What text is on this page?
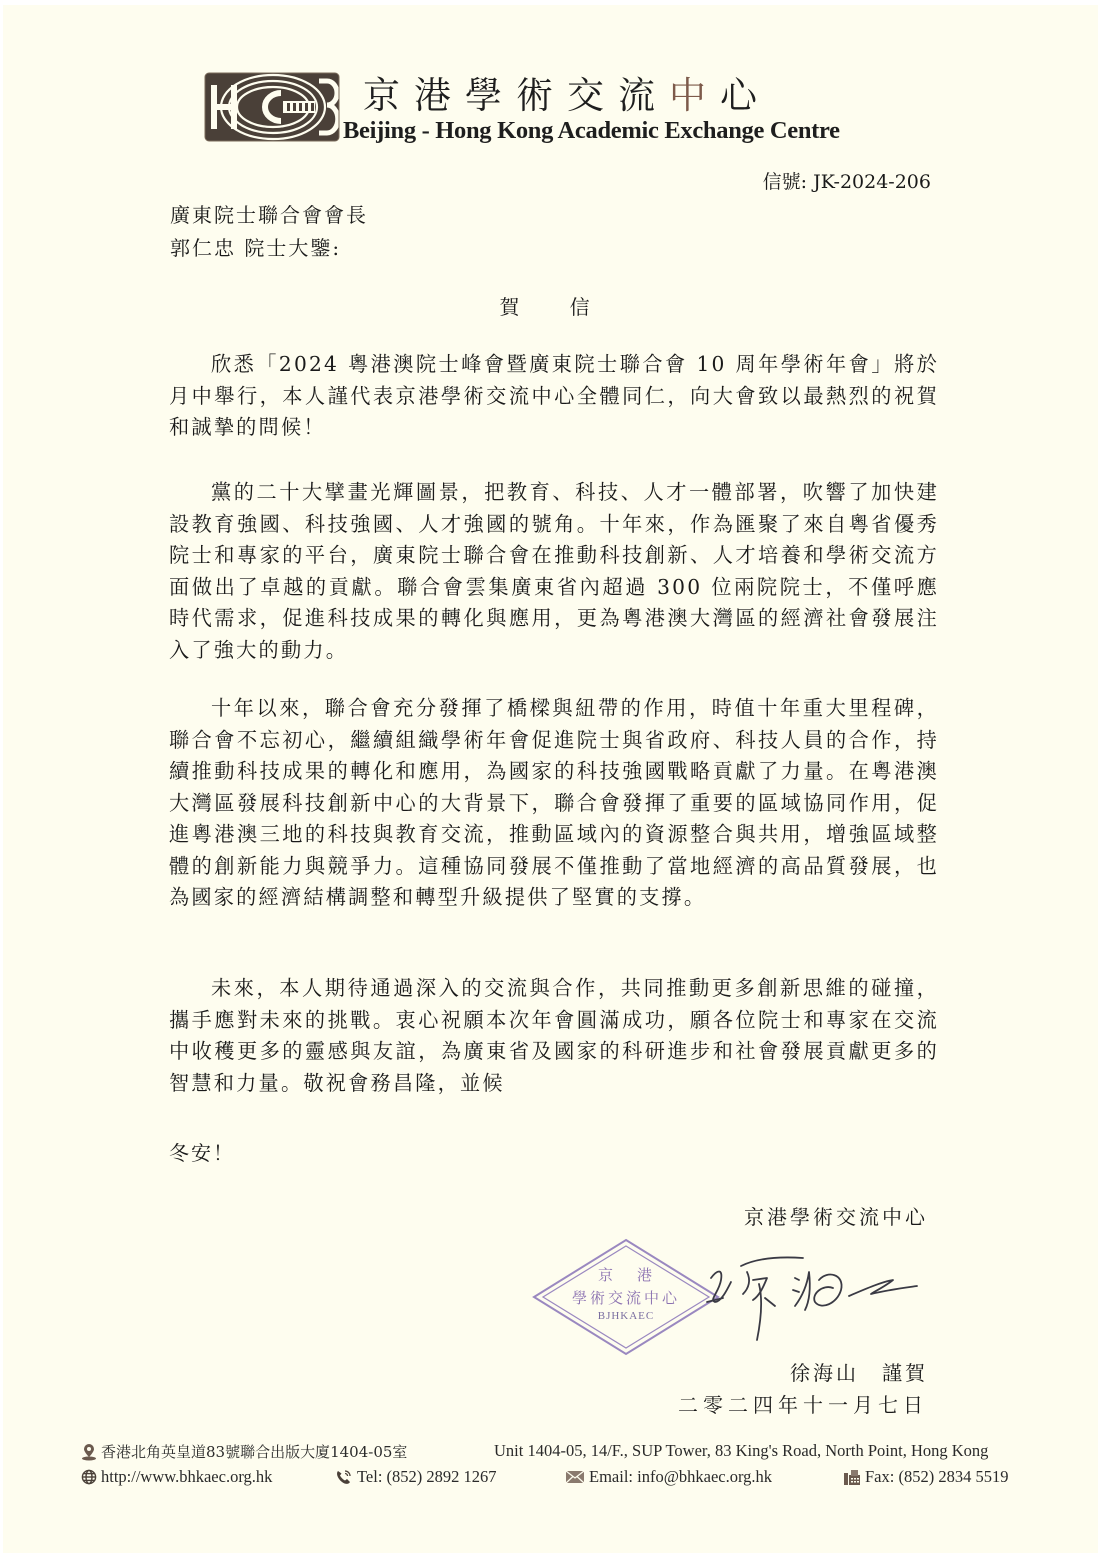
京港學術交流中心
Beijing - Hong Kong Academic Exchange Centre
信號: JK-2024-206
廣東院士聯合會會長
郭仁忠 院士大鑒:
賀 信

欣悉「2024 粵港澳院士峰會暨廣東院士聯合會 10 周年學術年會」將於月中舉行，本人謹代表京港學術交流中心全體同仁，向大會致以最熱烈的祝賀和誠摯的問候！

黨的二十大擘畫光輝圖景，把教育、科技、人才一體部署，吹響了加快建設教育強國、科技強國、人才強國的號角。十年來，作為匯聚了來自粵省優秀院士和專家的平台，廣東院士聯合會在推動科技創新、人才培養和學術交流方面做出了卓越的貢獻。聯合會雲集廣東省內超過 300 位兩院院士，不僅呼應時代需求，促進科技成果的轉化與應用，更為粵港澳大灣區的經濟社會發展注入了強大的動力。

十年以來，聯合會充分發揮了橋樑與紐帶的作用，時值十年重大里程碑，聯合會不忘初心，繼續組織學術年會促進院士與省政府、科技人員的合作，持續推動科技成果的轉化和應用，為國家的科技強國戰略貢獻了力量。在粵港澳大灣區發展科技創新中心的大背景下，聯合會發揮了重要的區域協同作用，促進粵港澳三地的科技與教育交流，推動區域內的資源整合與共用，增強區域整體的創新能力與競爭力。這種協同發展不僅推動了當地經濟的高品質發展，也為國家的經濟結構調整和轉型升級提供了堅實的支撐。

未來，本人期待通過深入的交流與合作，共同推動更多創新思維的碰撞，攜手應對未來的挑戰。衷心祝願本次年會圓滿成功，願各位院士和專家在交流中收穫更多的靈感與友誼，為廣東省及國家的科研進步和社會發展貢獻更多的智慧和力量。敬祝會務昌隆，並候

冬安！
京港學術交流中心
京港
學術交流中心
BJHKAEC
徐海山　謹賀
二零二四年十一月七日
香港北角英皇道83號聯合出版大廈1404-05室	Unit 1404-05, 14/F., SUP Tower, 83 King's Road, North Point, Hong Kong
http://www.bhkaec.org.hk	Tel: (852) 2892 1267	Email: info@bhkaec.org.hk	Fax: (852) 2834 5519
